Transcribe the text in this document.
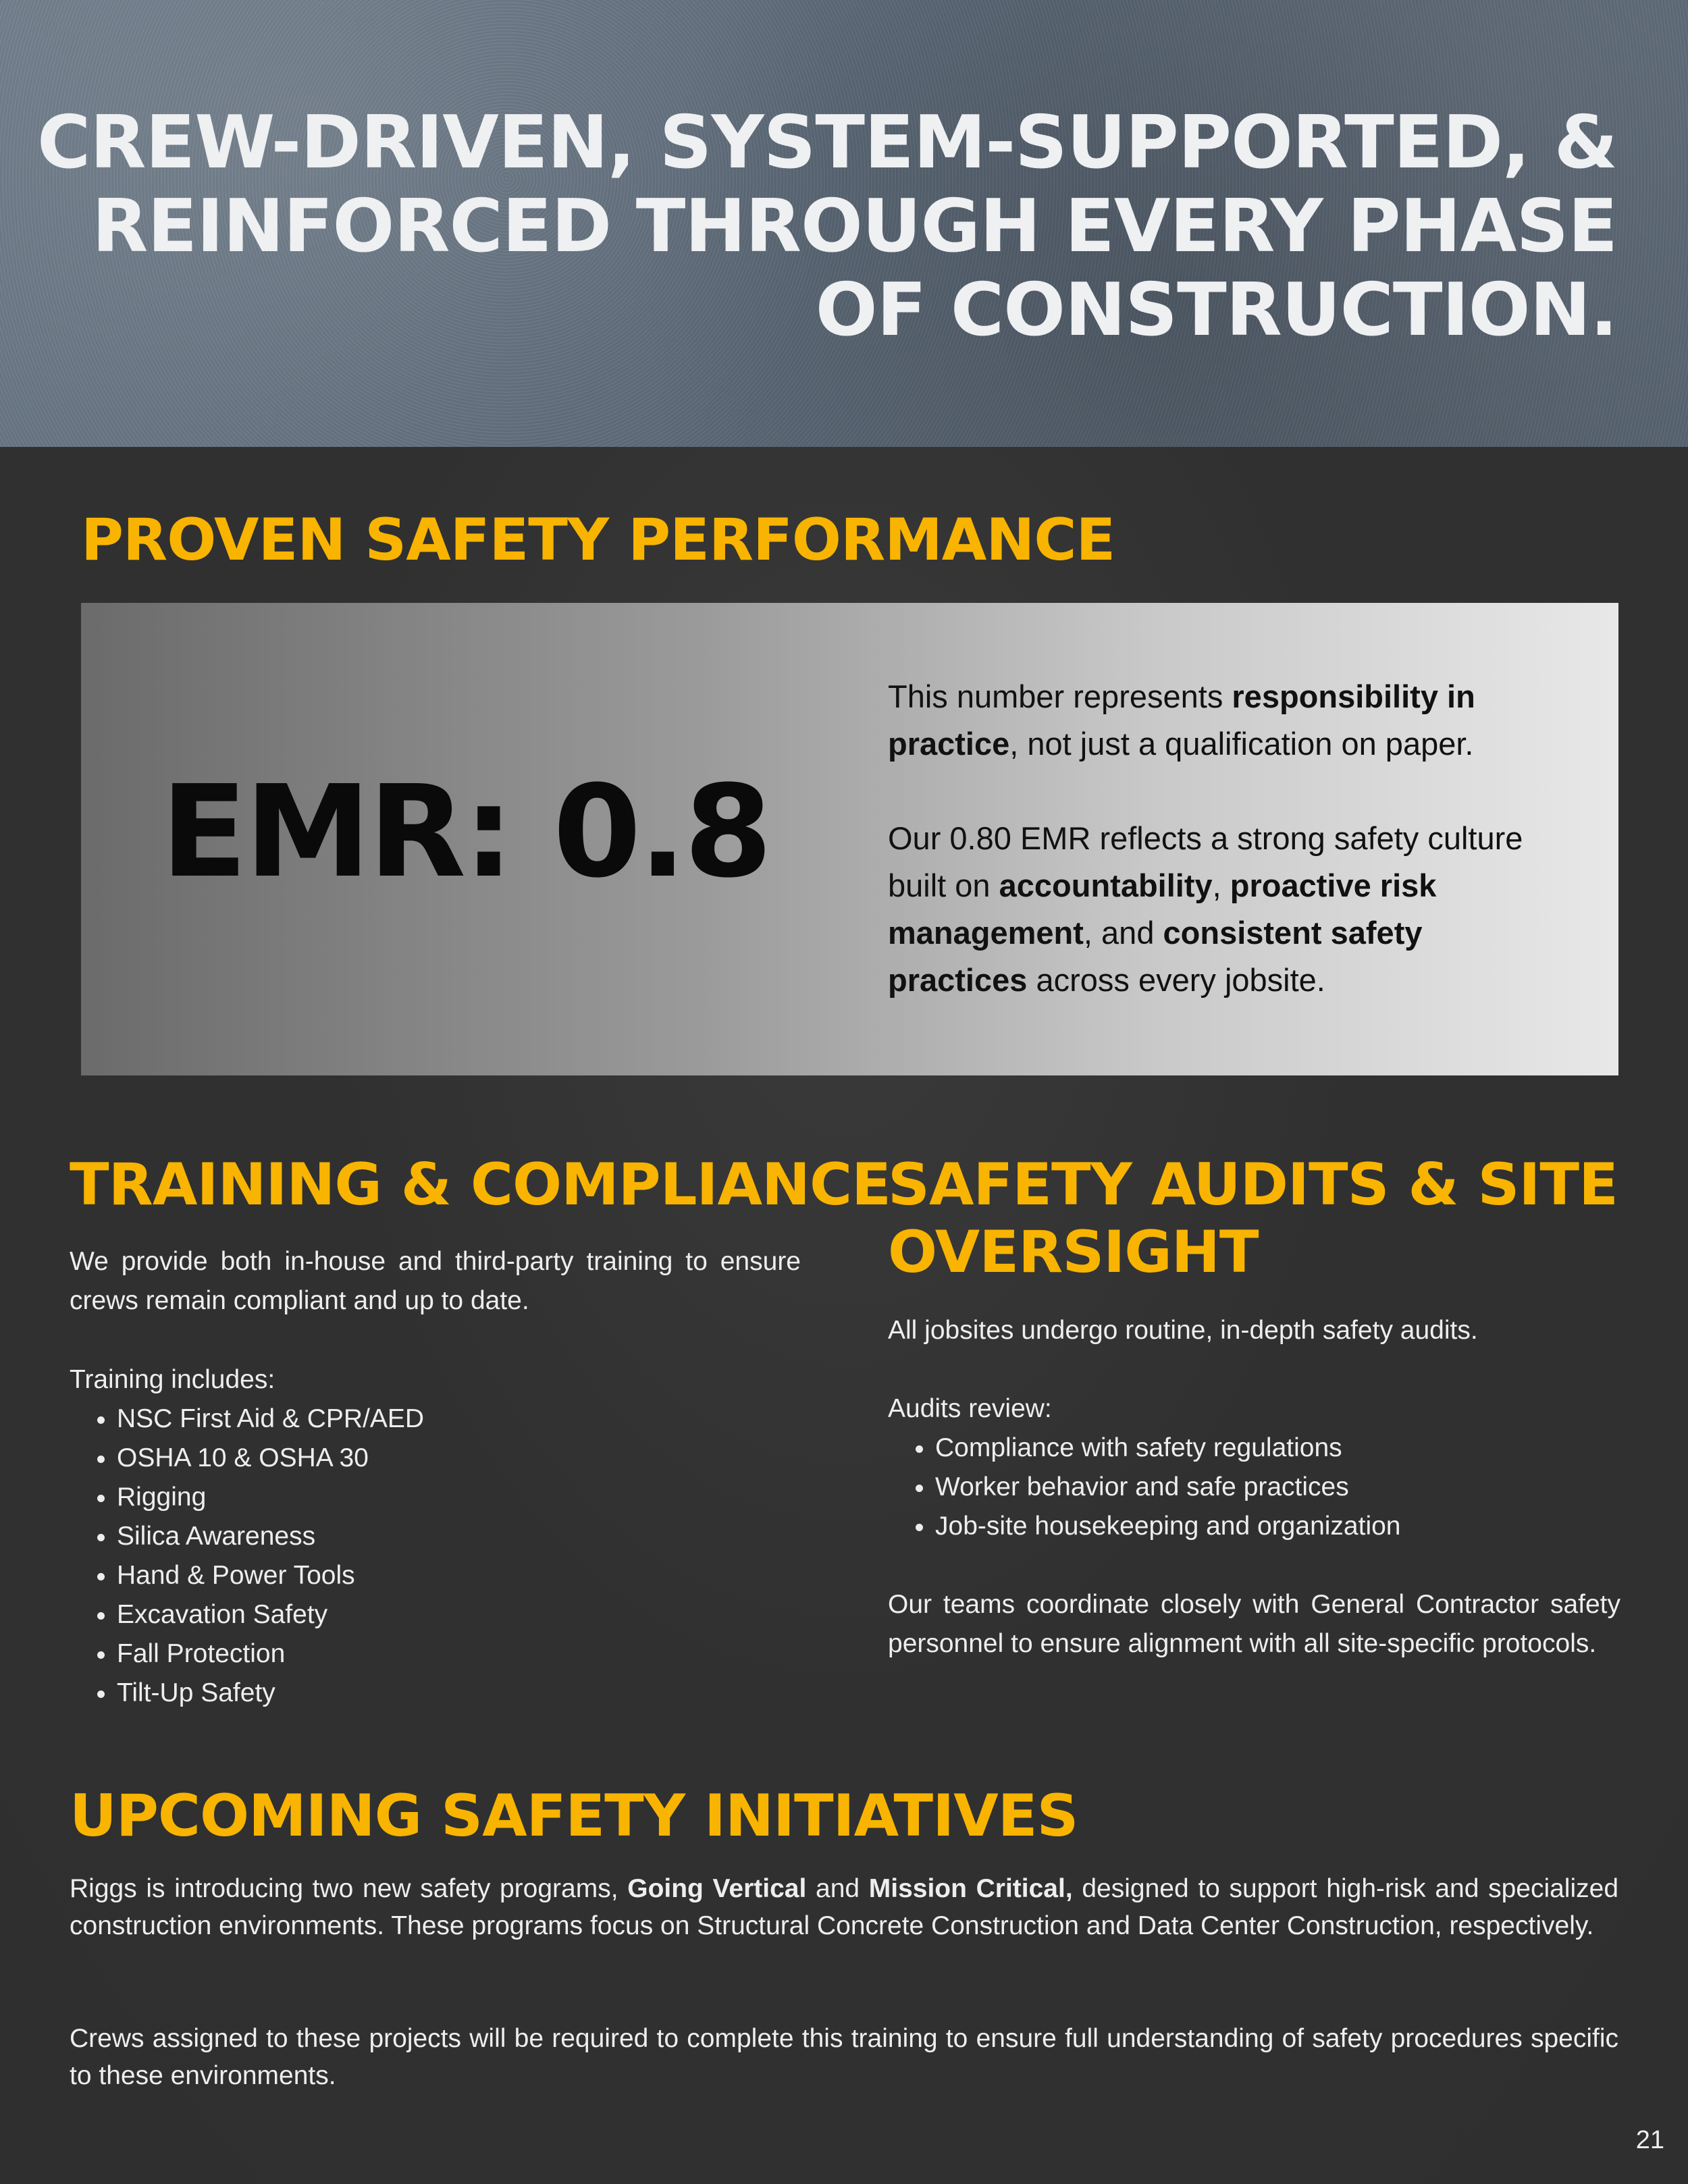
CREW-DRIVEN, SYSTEM-SUPPORTED, &
REINFORCED THROUGH EVERY PHASE
OF CONSTRUCTION.
PROVEN SAFETY PERFORMANCE
EMR: 0.8

This number represents responsibility in practice, not just a qualification on paper.

Our 0.80 EMR reflects a strong safety culture built on accountability, proactive risk management, and consistent safety practices across every jobsite.

TRAINING & COMPLIANCE

We provide both in-house and third-party training to ensure crews remain compliant and up to date.

Training includes:

• NSC First Aid & CPR/AED
• OSHA 10 & OSHA 30
• Rigging
• Silica Awareness
• Hand & Power Tools
• Excavation Safety
• Fall Protection
• Tilt-Up Safety
SAFETY AUDITS & SITE OVERSIGHT

All jobsites undergo routine, in-depth safety audits.

Audits review:

• Compliance with safety regulations
• Worker behavior and safe practices
• Job-site housekeeping and organization

Our teams coordinate closely with General Contractor safety personnel to ensure alignment with all site-specific protocols.

UPCOMING SAFETY INITIATIVES

Riggs is introducing two new safety programs, Going Vertical and Mission Critical, designed to support high-risk and specialized construction environments. These programs focus on Structural Concrete Construction and Data Center Construction, respectively.

Crews assigned to these projects will be required to complete this training to ensure full understanding of safety procedures specific to these environments.

21
